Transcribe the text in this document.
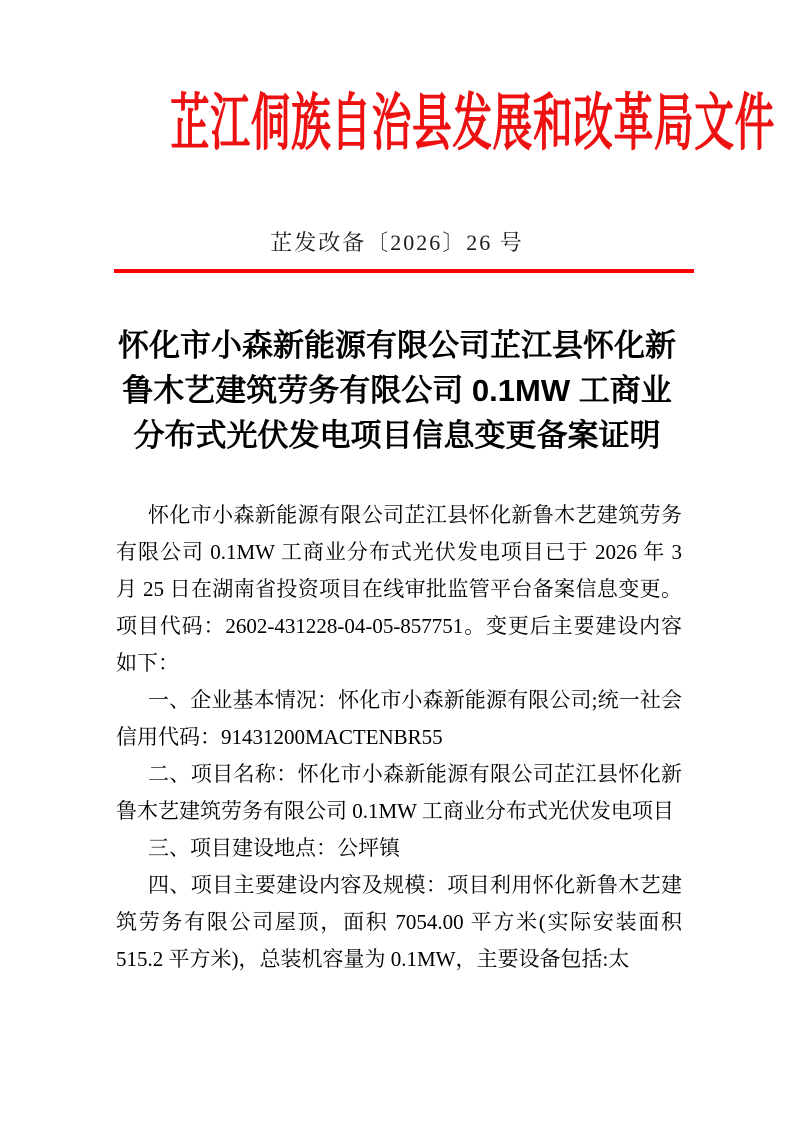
芷江侗族自治县发展和改革局文件
芷发改备〔2026〕26 号
怀化市小森新能源有限公司芷江县怀化新
鲁木艺建筑劳务有限公司 0.1MW 工商业
分布式光伏发电项目信息变更备案证明

怀化市小森新能源有限公司芷江县怀化新鲁木艺建筑劳务有限公司 0.1MW 工商业分布式光伏发电项目已于 2026 年 3 月 25 日在湖南省投资项目在线审批监管平台备案信息变更。项目代码：2602-431228-04-05-857751。变更后主要建设内容如下：

一、企业基本情况：怀化市小森新能源有限公司;统一社会信用代码：91431200MACTENBR55

二、项目名称：怀化市小森新能源有限公司芷江县怀化新鲁木艺建筑劳务有限公司 0.1MW 工商业分布式光伏发电项目

三、项目建设地点：公坪镇

四、项目主要建设内容及规模：项目利用怀化新鲁木艺建筑劳务有限公司屋顶，面积 7054.00 平方米(实际安装面积 515.2 平方米)，总装机容量为 0.1MW，主要设备包括:太
